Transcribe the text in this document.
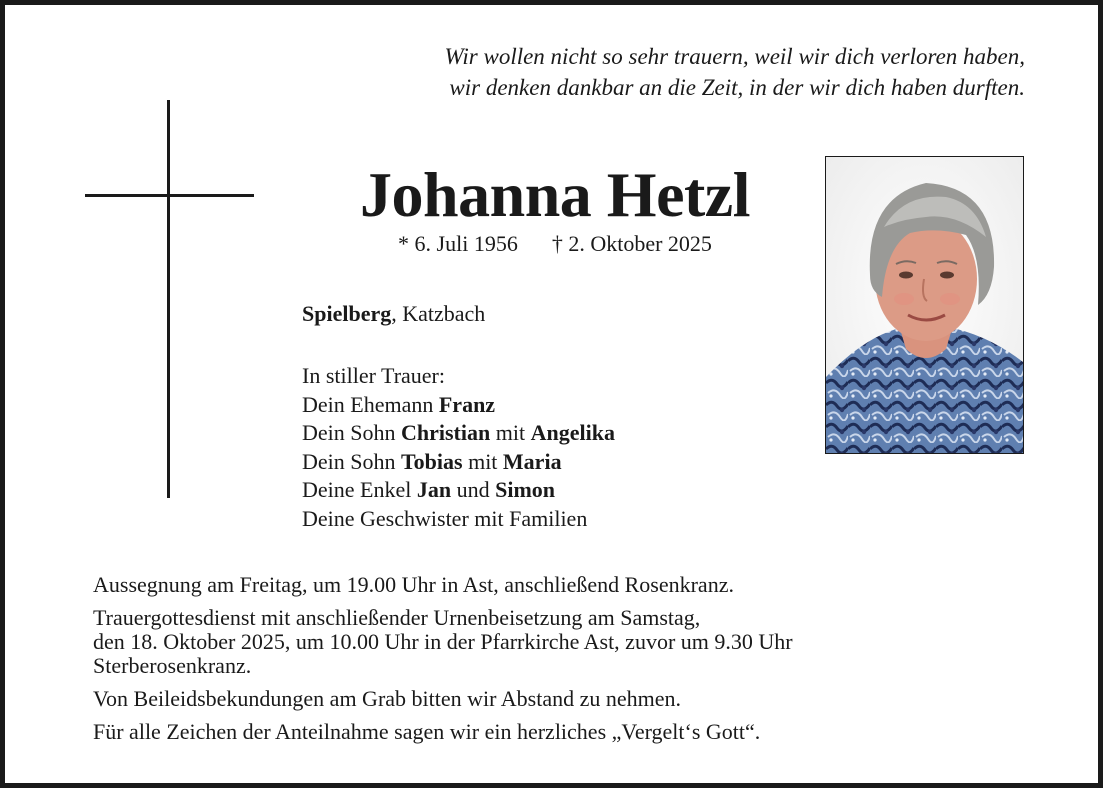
Wir wollen nicht so sehr trauern, weil wir dich verloren haben,
wir denken dankbar an die Zeit, in der wir dich haben durften.
Johanna Hetzl
* 6. Juli 1956 † 2. Oktober 2025
Spielberg, Katzbach
In stiller Trauer:
Dein Ehemann Franz
Dein Sohn Christian mit Angelika
Dein Sohn Tobias mit Maria
Deine Enkel Jan und Simon
Deine Geschwister mit Familien

Aussegnung am Freitag, um 19.00 Uhr in Ast, anschließend Rosenkranz.

Trauergottesdienst mit anschließender Urnenbeisetzung am Samstag,
den 18. Oktober 2025, um 10.00 Uhr in der Pfarrkirche Ast, zuvor um 9.30 Uhr
Sterberosenkranz.

Von Beileidsbekundungen am Grab bitten wir Abstand zu nehmen.

Für alle Zeichen der Anteilnahme sagen wir ein herzliches „Vergelt‘s Gott“.
